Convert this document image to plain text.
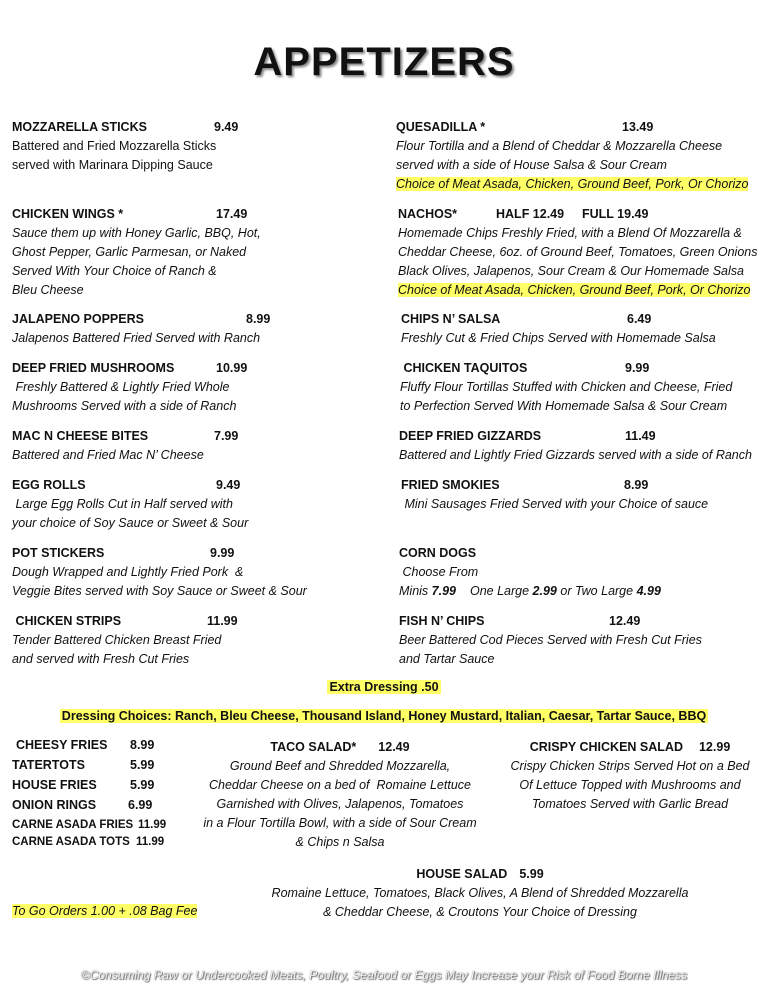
APPETIZERS
MOZZARELLA STICKS	9.49
Battered and Fried Mozzarella Sticks
served with Marinara Dipping Sauce
CHICKEN WINGS *	17.49
Sauce them up with Honey Garlic, BBQ, Hot,
Ghost Pepper, Garlic Parmesan, or Naked
Served With Your Choice of Ranch &
Bleu Cheese
JALAPENO POPPERS	8.99
Jalapenos Battered Fried Served with Ranch
DEEP FRIED MUSHROOMS	10.99
Freshly Battered & Lightly Fried Whole
Mushrooms Served with a side of Ranch
MAC N CHEESE BITES	7.99
Battered and Fried Mac N’ Cheese
EGG ROLLS	9.49
Large Egg Rolls Cut in Half served with
your choice of Soy Sauce or Sweet & Sour
POT STICKERS	9.99
Dough Wrapped and Lightly Fried Pork  &
Veggie Bites served with Soy Sauce or Sweet & Sour
CHICKEN STRIPS	11.99
Tender Battered Chicken Breast Fried
and served with Fresh Cut Fries
QUESADILLA *	13.49
Flour Tortilla and a Blend of Cheddar & Mozzarella Cheese
served with a side of House Salsa & Sour Cream
Choice of Meat Asada, Chicken, Ground Beef, Pork, Or Chorizo
NACHOS*	HALF 12.49 FULL 19.49
Homemade Chips Freshly Fried, with a Blend Of Mozzarella &
Cheddar Cheese, 6oz. of Ground Beef, Tomatoes, Green Onions
Black Olives, Jalapenos, Sour Cream & Our Homemade Salsa
Choice of Meat Asada, Chicken, Ground Beef, Pork, Or Chorizo
CHIPS N’ SALSA	6.49
Freshly Cut & Fried Chips Served with Homemade Salsa
CHICKEN TAQUITOS	9.99
Fluffy Flour Tortillas Stuffed with Chicken and Cheese, Fried
to Perfection Served With Homemade Salsa & Sour Cream
DEEP FRIED GIZZARDS	11.49
Battered and Lightly Fried Gizzards served with a side of Ranch
FRIED SMOKIES	8.99
Mini Sausages Fried Served with your Choice of sauce
CORN DOGS
Choose From
Minis 7.99 One Large 2.99 or Two Large 4.99
FISH N’ CHIPS	12.49
Beer Battered Cod Pieces Served with Fresh Cut Fries
and Tartar Sauce
Extra Dressing .50
Dressing Choices: Ranch, Bleu Cheese, Thousand Island, Honey Mustard, Italian, Caesar, Tartar Sauce, BBQ
CHEESY FRIES 8.99
TATERTOTS	5.99
HOUSE FRIES	5.99
ONION RINGS	6.99
CARNE ASADA FRIES 11.99
CARNE ASADA TOTS 11.99
TACO SALAD* 12.49
Ground Beef and Shredded Mozzarella,
Cheddar Cheese on a bed of  Romaine Lettuce
Garnished with Olives, Jalapenos, Tomatoes
in a Flour Tortilla Bowl, with a side of Sour Cream
& Chips n Salsa
CRISPY CHICKEN SALAD 12.99
Crispy Chicken Strips Served Hot on a Bed
Of Lettuce Topped with Mushrooms and
Tomatoes Served with Garlic Bread
HOUSE SALAD 5.99
Romaine Lettuce, Tomatoes, Black Olives, A Blend of Shredded Mozzarella
& Cheddar Cheese, & Croutons Your Choice of Dressing
To Go Orders 1.00 + .08 Bag Fee
©Consuming Raw or Undercooked Meats, Poultry, Seafood or Eggs May Increase your Risk of Food Borne Illness
